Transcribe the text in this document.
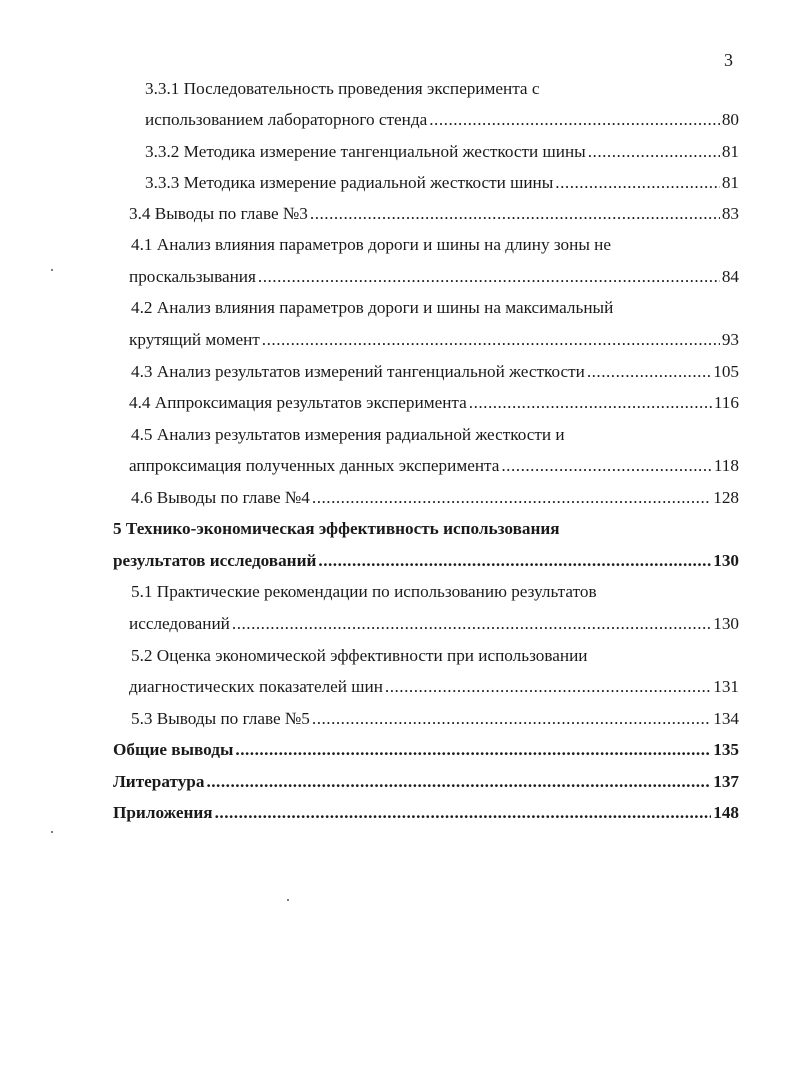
3
3.3.1 Последовательность проведения эксперимента с
использованием лабораторного стенда .....	80
3.3.2 Методика измерение тангенциальной жесткости шины .....	81
3.3.3 Методика измерение радиальной жесткости шины .....	81
3.4 Выводы по главе №3 .....	83
4.1 Анализ влияния параметров дороги и шины на длину зоны не
проскальзывания .....	84
4.2 Анализ влияния параметров дороги и шины на максимальный
крутящий момент .....	93
4.3 Анализ результатов измерений тангенциальной жесткости .....	105
4.4 Аппроксимация результатов эксперимента .....	116
4.5 Анализ результатов измерения радиальной жесткости и
аппроксимация полученных данных эксперимента .....	118
4.6 Выводы по главе №4 .....	128
5 Технико-экономическая эффективность использования
результатов исследований .....	130
5.1 Практические рекомендации по использованию результатов
исследований .....	130
5.2 Оценка экономической эффективности при использовании
диагностических показателей шин .....	131
5.3 Выводы по главе №5 .....	134
Общие выводы .....	135
Литература .....	137
Приложения .....	148
